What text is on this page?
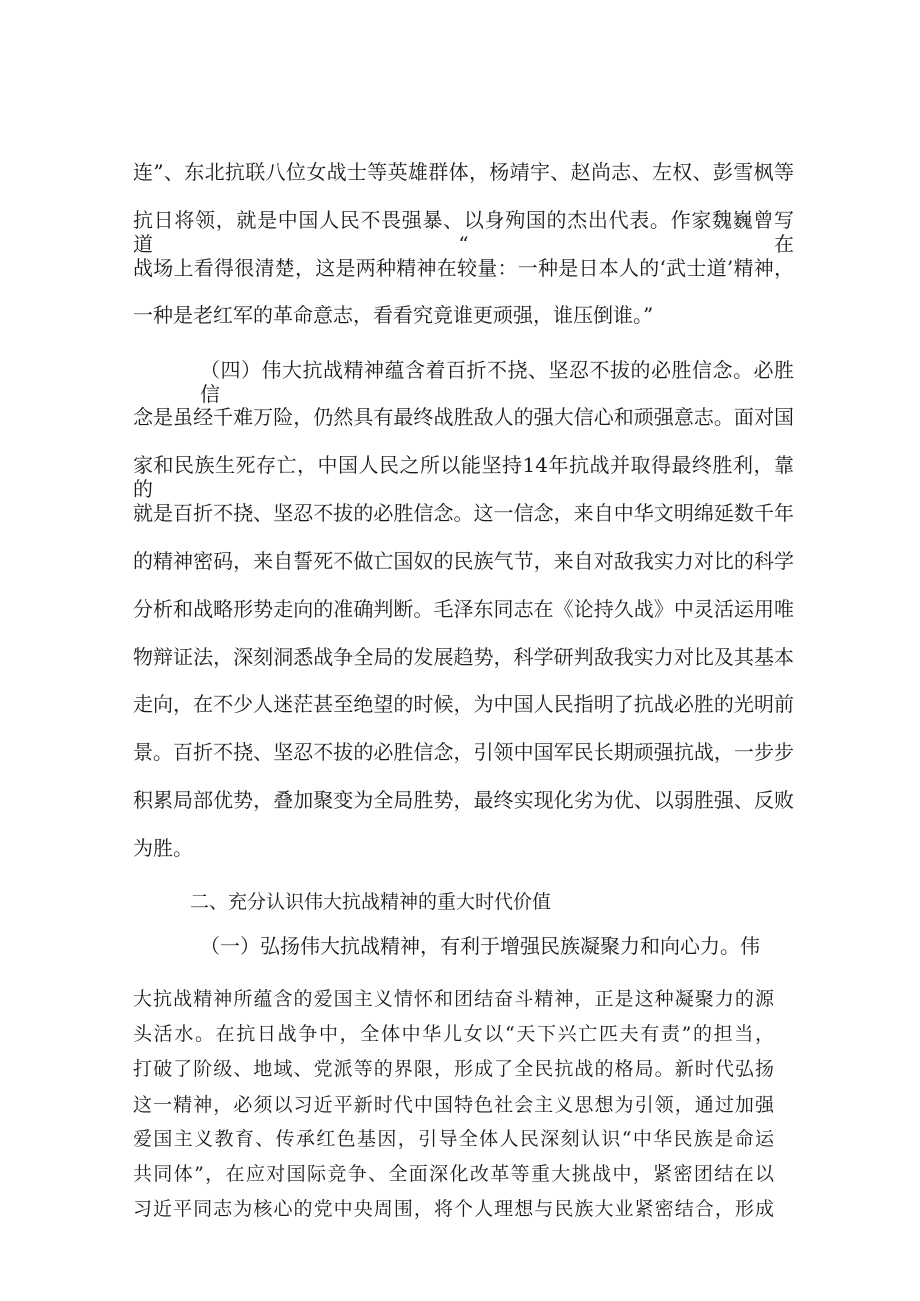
连”、东北抗联八位女战士等英雄群体，杨靖宇、赵尚志、左权、彭雪枫等
抗日将领，就是中国人民不畏强暴、以身殉国的杰出代表。作家魏巍曾写道“在
战场上看得很清楚，这是两种精神在较量：一种是日本人的‘武士道’精神，
一种是老红军的革命意志，看看究竟谁更顽强，谁压倒谁。”
（四）伟大抗战精神蕴含着百折不挠、坚忍不拔的必胜信念。必胜信
念是虽经千难万险，仍然具有最终战胜敌人的强大信心和顽强意志。面对国
家和民族生死存亡，中国人民之所以能坚持14年抗战并取得最终胜利，靠的
就是百折不挠、坚忍不拔的必胜信念。这一信念，来自中华文明绵延数千年
的精神密码，来自誓死不做亡国奴的民族气节，来自对敌我实力对比的科学
分析和战略形势走向的准确判断。毛泽东同志在《论持久战》中灵活运用唯
物辩证法，深刻洞悉战争全局的发展趋势，科学研判敌我实力对比及其基本
走向，在不少人迷茫甚至绝望的时候，为中国人民指明了抗战必胜的光明前
景。百折不挠、坚忍不拔的必胜信念，引领中国军民长期顽强抗战，一步步
积累局部优势，叠加聚变为全局胜势，最终实现化劣为优、以弱胜强、反败
为胜。
二、充分认识伟大抗战精神的重大时代价值
（一）弘扬伟大抗战精神，有利于增强民族凝聚力和向心力。伟
大抗战精神所蕴含的爱国主义情怀和团结奋斗精神，正是这种凝聚力的源
头活水。在抗日战争中，全体中华儿女以“天下兴亡匹夫有责”的担当，
打破了阶级、地域、党派等的界限，形成了全民抗战的格局。新时代弘扬
这一精神，必须以习近平新时代中国特色社会主义思想为引领，通过加强
爱国主义教育、传承红色基因，引导全体人民深刻认识“中华民族是命运
共同体”，在应对国际竞争、全面深化改革等重大挑战中，紧密团结在以
习近平同志为核心的党中央周围，将个人理想与民族大业紧密结合，形成
